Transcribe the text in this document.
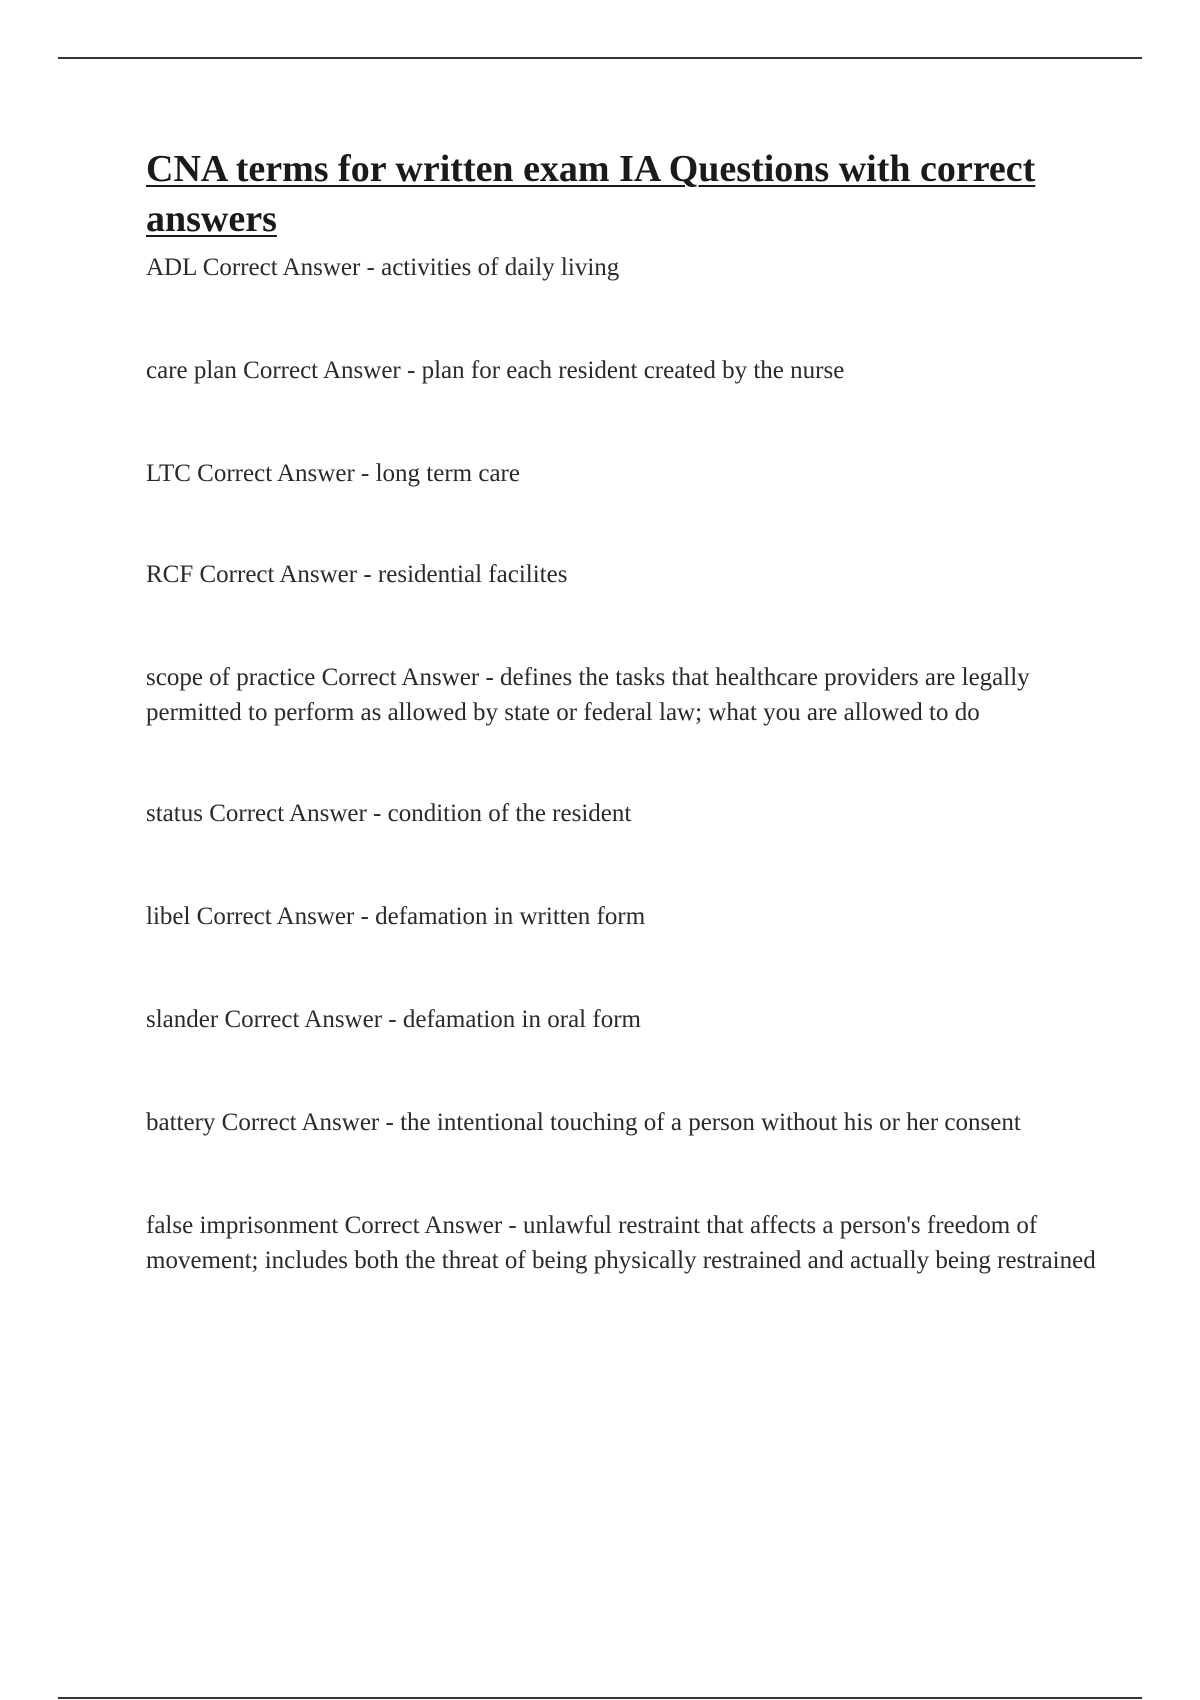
CNA terms for written exam IA Questions with correct answers
ADL Correct Answer - activities of daily living
care plan Correct Answer - plan for each resident created by the nurse
LTC Correct Answer - long term care
RCF Correct Answer - residential facilites
scope of practice Correct Answer - defines the tasks that healthcare providers are legally permitted to perform as allowed by state or federal law; what you are allowed to do
status Correct Answer - condition of the resident
libel Correct Answer - defamation in written form
slander Correct Answer - defamation in oral form
battery Correct Answer - the intentional touching of a person without his or her consent
false imprisonment Correct Answer - unlawful restraint that affects a person's freedom of movement; includes both the threat of being physically restrained and actually being restrained
